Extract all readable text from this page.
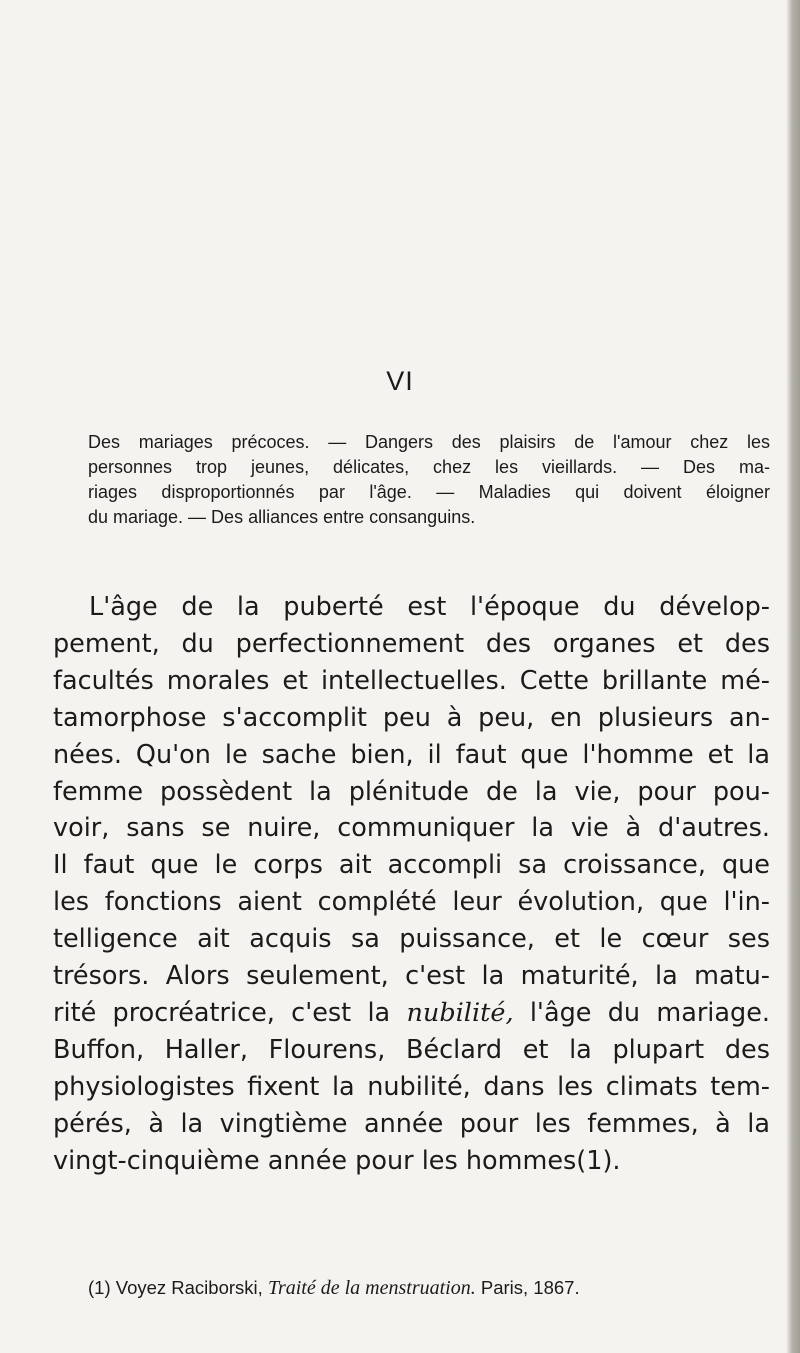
VI

Des mariages précoces. — Dangers des plaisirs de l'amour chez les
personnes trop jeunes, délicates, chez les vieillards. — Des ma-
riages disproportionnés par l'âge. — Maladies qui doivent éloigner
du mariage. — Des alliances entre consanguins.

L'âge de la puberté est l'époque du dévelop-
pement, du perfectionnement des organes et des
facultés morales et intellectuelles. Cette brillante mé-
tamorphose s'accomplit peu à peu, en plusieurs an-
nées. Qu'on le sache bien, il faut que l'homme et la
femme possèdent la plénitude de la vie, pour pou-
voir, sans se nuire, communiquer la vie à d'autres.
Il faut que le corps ait accompli sa croissance, que
les fonctions aient complété leur évolution, que l'in-
telligence ait acquis sa puissance, et le cœur ses
trésors. Alors seulement, c'est la maturité, la matu-
rité procréatrice, c'est la nubilité, l'âge du mariage.
Buffon, Haller, Flourens, Béclard et la plupart des
physiologistes fixent la nubilité, dans les climats tem-
pérés, à la vingtième année pour les femmes, à la
vingt-cinquième année pour les hommes(1).

(1) Voyez Raciborski, Traité de la menstruation. Paris, 1867.
